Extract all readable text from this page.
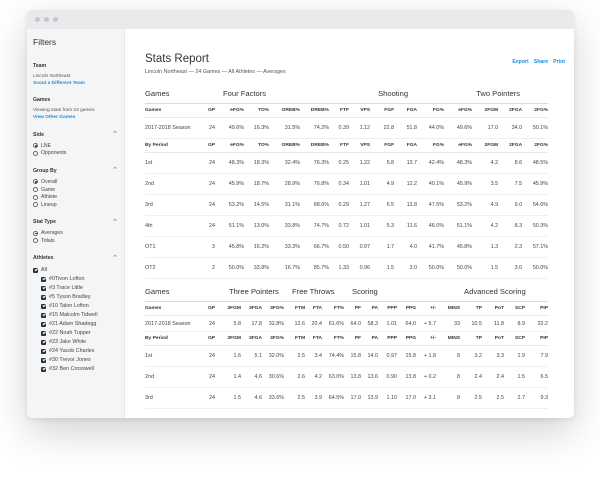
Filters
Team
Lincoln Northeast
Scout a Different Team
Games
Viewing stats from 24 games
View Other Games
Side	⌃
LNE
Opponents
Group By	⌃
Overall
Game
Athlete
Lineup
Stat Type	⌃
Averages
Totals
Athletes	⌃
All
#0Tivon Lofton
#3 Trace Little
#5 Tyson Bradley
#10 Talon Lofton
#15 Malcolm Tidwell
#21 Adam Shadegg
#22 Noah Tupper
#23 Jake White
#24 Yacob Charles
#30 Trevor Jones
#32 Ben Crosswell
Stats Report
Lincoln Northeast — 24 Games — All Athletes — Averages
Export Share Print
Games		Four Factors						Shooting				Two Pointers		
Games	GP	eFG%	TO%	OREB%	DREB%	FTF	VPS	FGF	FGA	FG%	eFG%	2FGM	2FGA	2FG%
2017-2018 Season	24	49.6%	16.3%	31.5%	74.2%	0.39	1.12	22.8	51.8	44.0%	49.6%	17.0	34.0	50.1%
By Period	GP	eFG%	TO%	OREB%	DREB%	FTF	VPS	FGF	FGA	FG%	eFG%	2FGM	2FGA	2FG%
1st	24	48.3%	18.3%	32.4%	76.3%	0.25	1.22	5.8	13.7	42.4%	48.3%	4.2	8.6	48.5%
2nd	24	45.9%	18.7%	28.9%	76.8%	0.34	1.01	4.9	12.2	40.1%	45.9%	3.5	7.5	45.9%
3rd	24	53.2%	14.5%	31.1%	68.6%	0.29	1.27	6.5	13.8	47.5%	53.2%	4.9	9.0	54.6%
4th	24	51.1%	13.0%	33.8%	74.7%	0.72	1.01	5.3	11.6	46.0%	51.1%	4.2	8.3	50.3%
OT1	3	45.8%	16.2%	33.3%	66.7%	0.50	0.97	1.7	4.0	41.7%	45.8%	1.3	2.3	57.1%
OT2	2	50.0%	33.8%	16.7%	85.7%	1.33	0.96	1.5	3.0	50.0%	50.0%	1.5	3.0	50.0%
Games		Three Pointers			Free Throws			Scoring						Advanced Scoring			
Games	GP	3FGM	3FGA	3FG%	FTM	FTA	FT%	PF	PA	PPP	PPG	+/-	MINS	TP	PoT	SCP	PIP
2017-2018 Season	24	5.8	17.8	32.8%	12.6	20.4	61.6%	64.0	58.3	1.01	64.0	+ 5.7	33	10.5	11.8	8.9	32.2
By Period	GP	3FGM	3FGA	3FG%	FTM	FTA	FT%	PF	PA	PPP	PPG	+/-	MINS	TP	PoT	SCP	PIP
1st	24	1.6	5.1	32.0%	2.5	3.4	74.4%	15.8	14.0	0.97	15.8	+ 1.8	8	3.2	3.3	1.9	7.9
2nd	24	1.4	4.6	30.6%	2.6	4.2	63.0%	13.8	13.6	0.90	13.8	+ 0.2	8	2.4	2.4	1.5	6.5
3rd	24	1.5	4.6	33.6%	2.5	3.9	64.5%	17.0	13.9	1.10	17.0	+ 3.1	8	2.5	2.5	2.7	9.3
